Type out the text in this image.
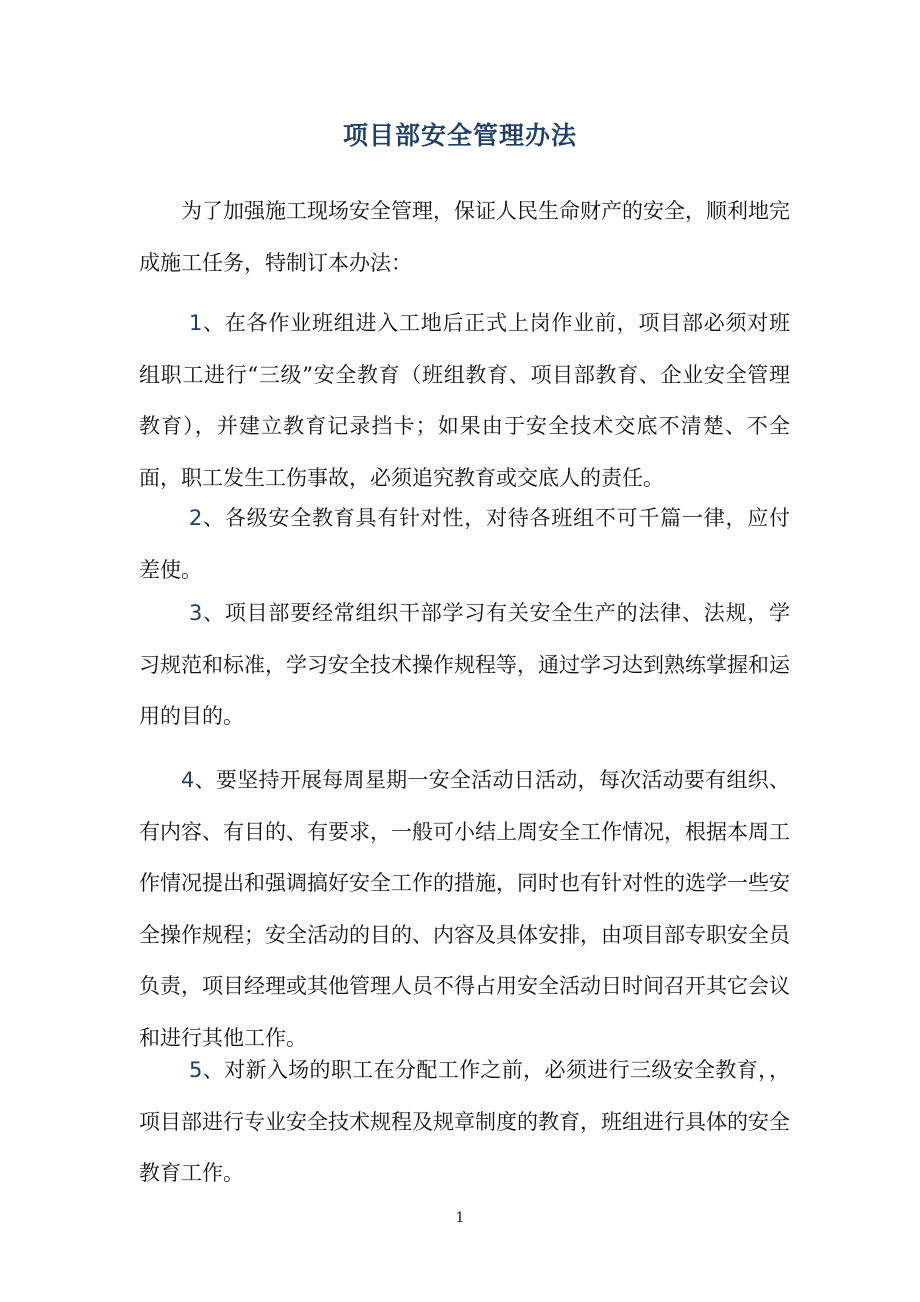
项目部安全管理办法

为了加强施工现场安全管理，保证人民生命财产的安全，顺利地完成施工任务，特制订本办法：

1、在各作业班组进入工地后正式上岗作业前，项目部必须对班组职工进行“三级”安全教育（班组教育、项目部教育、企业安全管理教育），并建立教育记录挡卡；如果由于安全技术交底不清楚、不全面，职工发生工伤事故，必须追究教育或交底人的责任。

2、各级安全教育具有针对性，对待各班组不可千篇一律，应付差使。

3、项目部要经常组织干部学习有关安全生产的法律、法规，学习规范和标准，学习安全技术操作规程等，通过学习达到熟练掌握和运用的目的。

4、要坚持开展每周星期一安全活动日活动，每次活动要有组织、有内容、有目的、有要求，一般可小结上周安全工作情况，根据本周工作情况提出和强调搞好安全工作的措施，同时也有针对性的选学一些安全操作规程；安全活动的目的、内容及具体安排，由项目部专职安全员负责，项目经理或其他管理人员不得占用安全活动日时间召开其它会议和进行其他工作。

5、对新入场的职工在分配工作之前，必须进行三级安全教育，，项目部进行专业安全技术规程及规章制度的教育，班组进行具体的安全教育工作。

1
